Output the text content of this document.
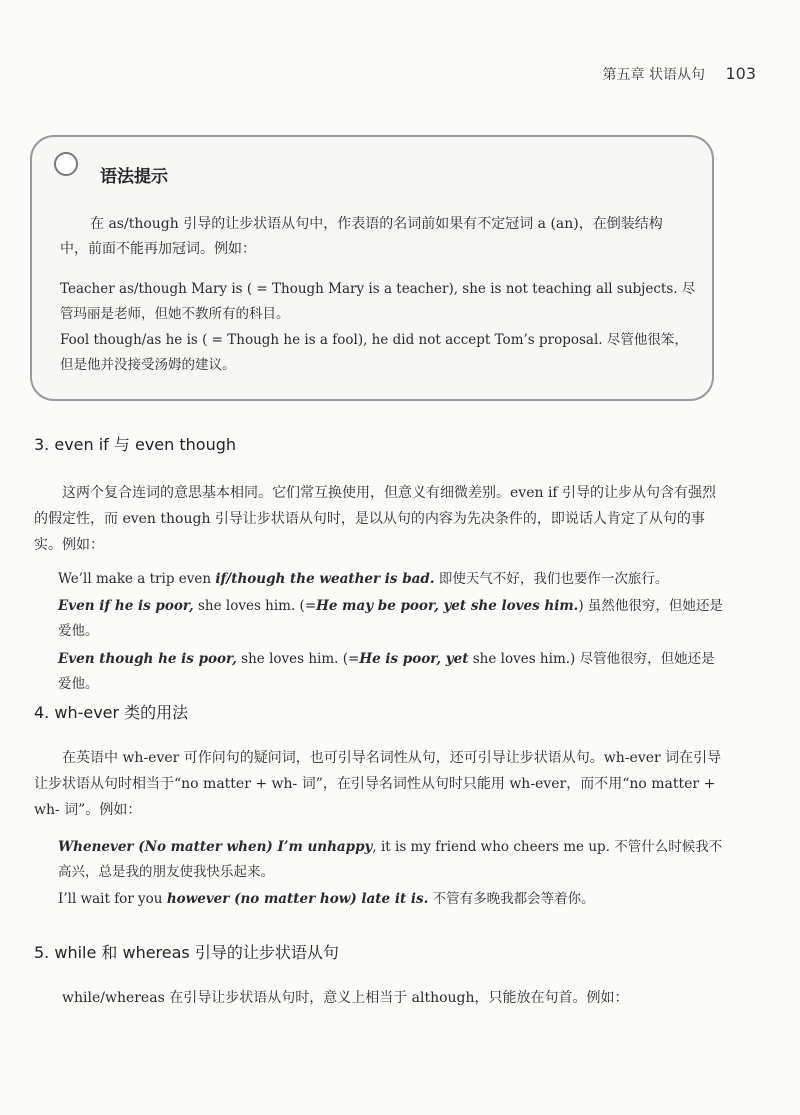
第五章 状语从句 103
语法提示
在 as/though 引导的让步状语从句中，作表语的名词前如果有不定冠词 a (an)，在倒装结构中，前面不能再加冠词。例如：
Teacher as/though Mary is ( = Though Mary is a teacher), she is not teaching all subjects. 尽管玛丽是老师，但她不教所有的科目。
Fool though/as he is ( = Though he is a fool), he did not accept Tom’s proposal. 尽管他很笨，但是他并没接受汤姆的建议。
3. even if 与 even though
这两个复合连词的意思基本相同。它们常互换使用，但意义有细微差别。even if 引导的让步从句含有强烈的假定性，而 even though 引导让步状语从句时，是以从句的内容为先决条件的，即说话人肯定了从句的事实。例如：
We’ll make a trip even if/though the weather is bad. 即使天气不好，我们也要作一次旅行。
Even if he is poor, she loves him. (=He may be poor, yet she loves him.) 虽然他很穷，但她还是爱他。
Even though he is poor, she loves him. (=He is poor, yet she loves him.) 尽管他很穷，但她还是爱他。
4. wh-ever 类的用法
在英语中 wh-ever 可作问句的疑问词，也可引导名词性从句，还可引导让步状语从句。wh-ever 词在引导让步状语从句时相当于“no matter + wh- 词”，在引导名词性从句时只能用 wh-ever，而不用“no matter + wh- 词”。例如：
Whenever (No matter when) I’m unhappy, it is my friend who cheers me up. 不管什么时候我不高兴，总是我的朋友使我快乐起来。
I’ll wait for you however (no matter how) late it is. 不管有多晚我都会等着你。
5. while 和 whereas 引导的让步状语从句
while/whereas 在引导让步状语从句时，意义上相当于 although，只能放在句首。例如：
